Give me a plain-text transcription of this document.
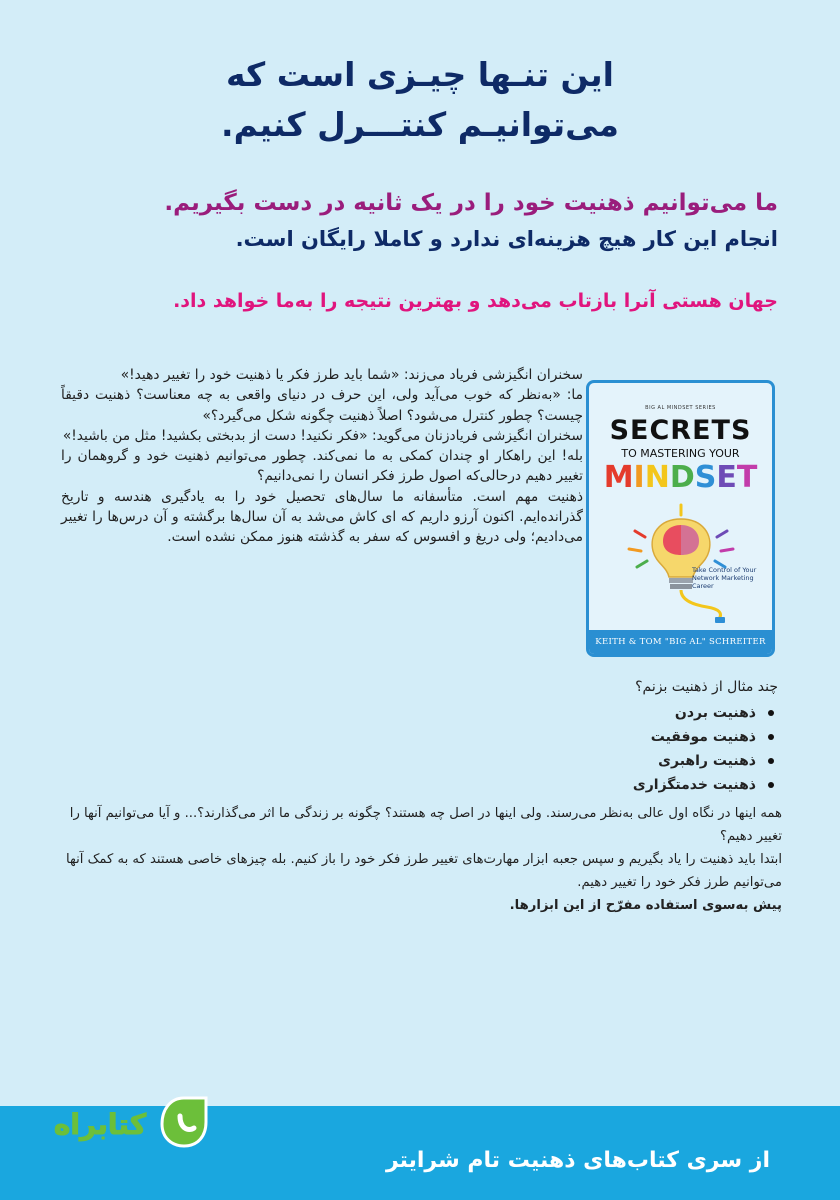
این تنـها چیـزی است که
می‌توانیـم کنتـــرل کنیم.
ما می‌توانیم ذهنیت خود را در یک ثانیه در دست بگیریم.
انجام این کار هیچ هزینه‌ای ندارد و کاملا رایگان است.
جهان هستی آنرا بازتاب می‌دهد و بهترین نتیجه را به‌ما خواهد داد.
BIG AL MINDSET SERIES
SECRETS
TO MASTERING YOUR
MINDSET
Take Control of Your Network Marketing Career
KEITH & TOM "BIG AL" SCHREITER

سخنران انگیزشی فریاد می‌زند: «شما باید طرز فکر یا ذهنیت خود را تغییر دهید!»

ما: «به‌نظر که خوب می‌آید ولی، این حرف در دنیای واقعی به چه معناست؟ ذهنیت دقیقاً چیست؟ چطور کنترل می‌شود؟ اصلاً ذهنیت چگونه شکل می‌گیرد؟»

سخنران انگیزشی فریادزنان می‌گوید: «فکر نکنید! دست از بدبختی بکشید! مثل من باشید!»

بله! این راهکار او چندان کمکی به ما نمی‌کند. چطور می‌توانیم ذهنیت خود و گروهمان را تغییر دهیم درحالی‌که اصول طرز فکر انسان را نمی‌دانیم؟

ذهنیت مهم است. متأسفانه ما سال‌های تحصیل خود را به یادگیری هندسه و تاریخ گذرانده‌ایم. اکنون آرزو داریم که ای کاش می‌شد به آن سال‌ها برگشته و آن درس‌ها را تغییر می‌دادیم؛ ولی دریغ و افسوس که سفر به گذشته هنوز ممکن نشده است.

چند مثال از ذهنیت بزنم؟

ذهنیت بردن
ذهنیت موفقیت
ذهنیت راهبری
ذهنیت خدمتگزاری

همه اینها در نگاه اول عالی به‌نظر می‌رسند. ولی اینها در اصل چه هستند؟ چگونه بر زندگی ما اثر می‌گذارند؟... و آیا می‌توانیم آنها را تغییر دهیم؟

ابتدا باید ذهنیت را یاد بگیریم و سپس جعبه ابزار مهارت‌های تغییر طرز فکر خود را باز کنیم. بله چیزهای خاصی هستند که به کمک آنها می‌توانیم طرز فکر خود را تغییر دهیم.

پیش به‌سوی استفاده مفرّح از این ابزارها.

از سری کتاب‌های ذهنیت تام شرایتر
کتابراه
